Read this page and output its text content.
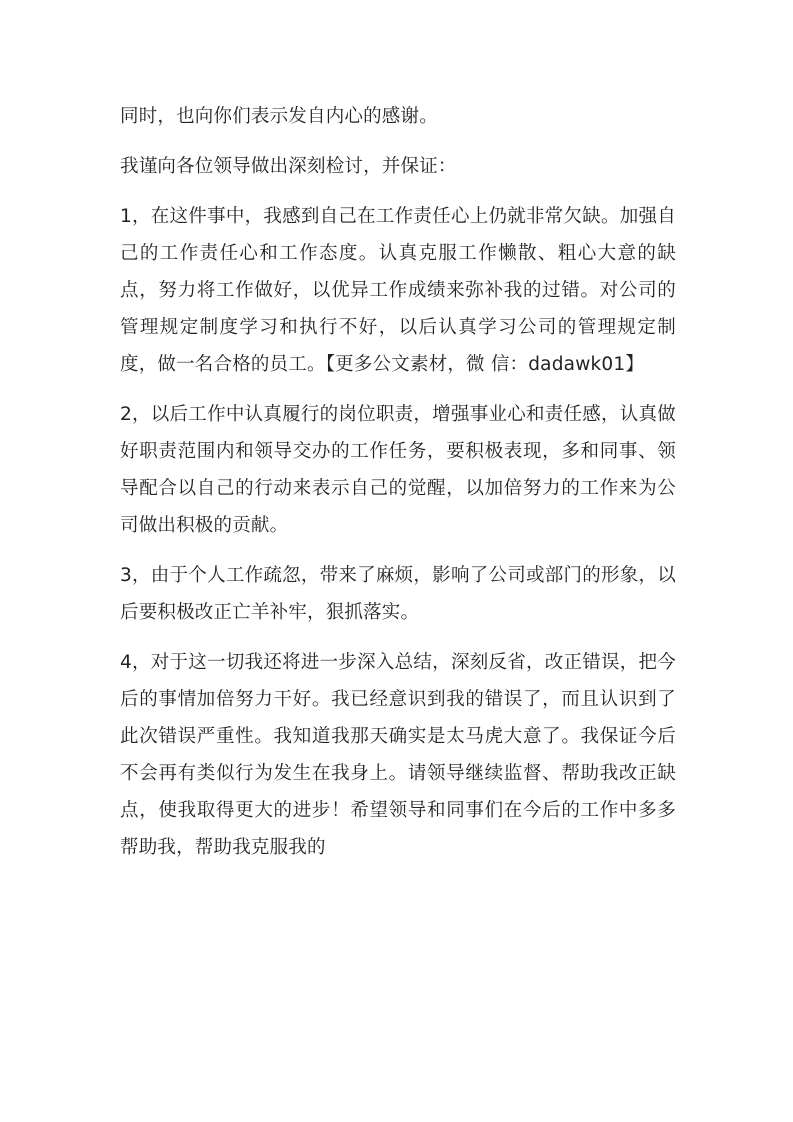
同时，也向你们表示发自内心的感谢。

我谨向各位领导做出深刻检讨，并保证：

1，在这件事中，我感到自己在工作责任心上仍就非常欠缺。加强自己的工作责任心和工作态度。认真克服工作懒散、粗心大意的缺点，努力将工作做好，以优异工作成绩来弥补我的过错。对公司的管理规定制度学习和执行不好，以后认真学习公司的管理规定制度，做一名合格的员工。【更多公文素材，微 信：dadawk01】

2，以后工作中认真履行的岗位职责，增强事业心和责任感，认真做好职责范围内和领导交办的工作任务，要积极表现，多和同事、领导配合以自己的行动来表示自己的觉醒，以加倍努力的工作来为公司做出积极的贡献。

3，由于个人工作疏忽，带来了麻烦，影响了公司或部门的形象，以后要积极改正亡羊补牢，狠抓落实。

4，对于这一切我还将进一步深入总结，深刻反省，改正错误，把今后的事情加倍努力干好。我已经意识到我的错误了，而且认识到了此次错误严重性。我知道我那天确实是太马虎大意了。我保证今后不会再有类似行为发生在我身上。请领导继续监督、帮助我改正缺点，使我取得更大的进步！希望领导和同事们在今后的工作中多多帮助我，帮助我克服我的
